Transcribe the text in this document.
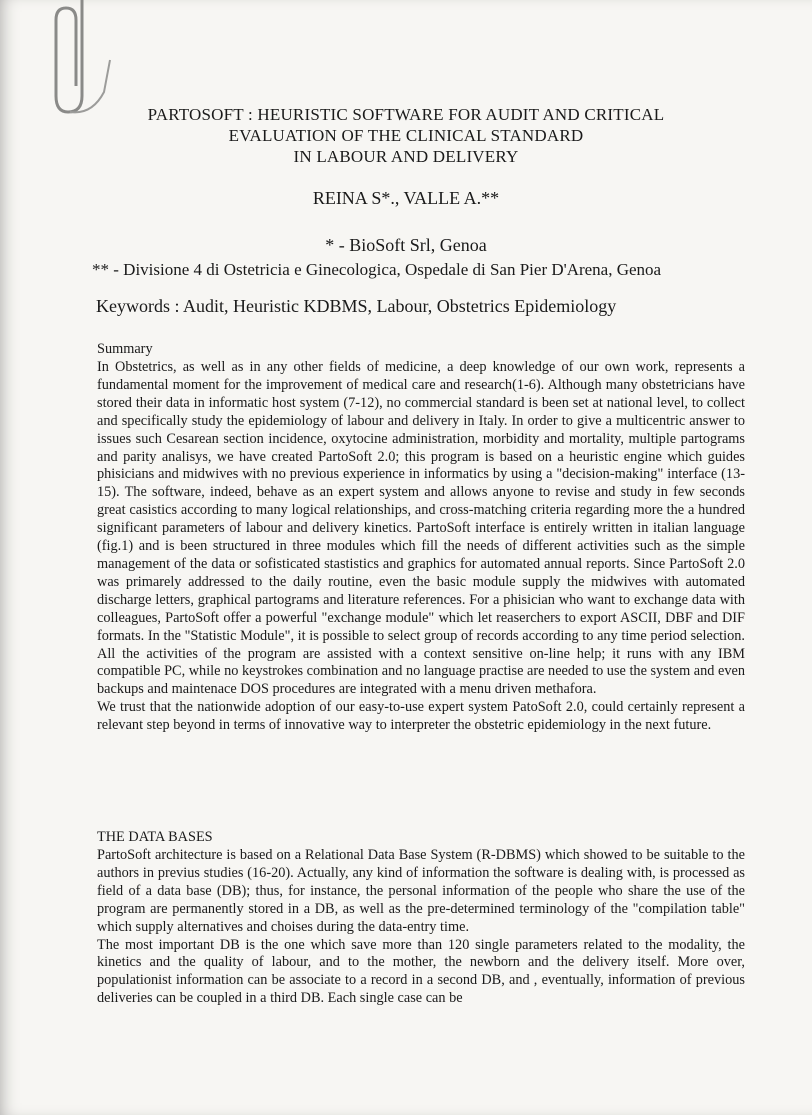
PARTOSOFT : HEURISTIC SOFTWARE FOR AUDIT AND CRITICAL
EVALUATION OF THE CLINICAL STANDARD
IN LABOUR AND DELIVERY
REINA S*., VALLE A.**
* - BioSoft Srl, Genoa
** - Divisione 4 di Ostetricia e Ginecologica, Ospedale di San Pier D'Arena, Genoa
Keywords : Audit, Heuristic KDBMS, Labour, Obstetrics Epidemiology
Summary

In Obstetrics, as well as in any other fields of medicine, a deep knowledge of our own work, represents a fundamental moment for the improvement of medical care and research(1-6). Although many obstetricians have stored their data in informatic host system (7-12), no commercial standard is been set at national level, to collect and specifically study the epidemiology of labour and delivery in Italy. In order to give a multicentric answer to issues such Cesarean section incidence, oxytocine administration, morbidity and mortality, multiple partograms and parity analisys, we have created PartoSoft 2.0; this program is based on a heuristic engine which guides phisicians and midwives with no previous experience in informatics by using a "decision-making" interface (13-15). The software, indeed, behave as an expert system and allows anyone to revise and study in few seconds great casistics according to many logical relationships, and cross-matching criteria regarding more the a hundred significant parameters of labour and delivery kinetics. PartoSoft interface is entirely written in italian language (fig.1) and is been structured in three modules which fill the needs of different activities such as the simple management of the data or sofisticated stastistics and graphics for automated annual reports. Since PartoSoft 2.0 was primarely addressed to the daily routine, even the basic module supply the midwives with automated discharge letters, graphical partograms and literature references. For a phisician who want to exchange data with colleagues, PartoSoft offer a powerful "exchange module" which let reaserchers to export ASCII, DBF and DIF formats. In the "Statistic Module", it is possible to select group of records according to any time period selection. All the activities of the program are assisted with a context sensitive on-line help; it runs with any IBM compatible PC, while no keystrokes combination and no language practise are needed to use the system and even backups and maintenace DOS procedures are integrated with a menu driven methafora.

We trust that the nationwide adoption of our easy-to-use expert system PatoSoft 2.0, could certainly represent a relevant step beyond in terms of innovative way to interpreter the obstetric epidemiology in the next future.

THE DATA BASES

PartoSoft architecture is based on a Relational Data Base System (R-DBMS) which showed to be suitable to the authors in previus studies (16-20). Actually, any kind of information the software is dealing with, is processed as field of a data base (DB); thus, for instance, the personal information of the people who share the use of the program are permanently stored in a DB, as well as the pre-determined terminology of the "compilation table" which supply alternatives and choises during the data-entry time.

The most important DB is the one which save more than 120 single parameters related to the modality, the kinetics and the quality of labour, and to the mother, the newborn and the delivery itself. More over, populationist information can be associate to a record in a second DB, and , eventually, information of previous deliveries can be coupled in a third DB. Each single case can be
